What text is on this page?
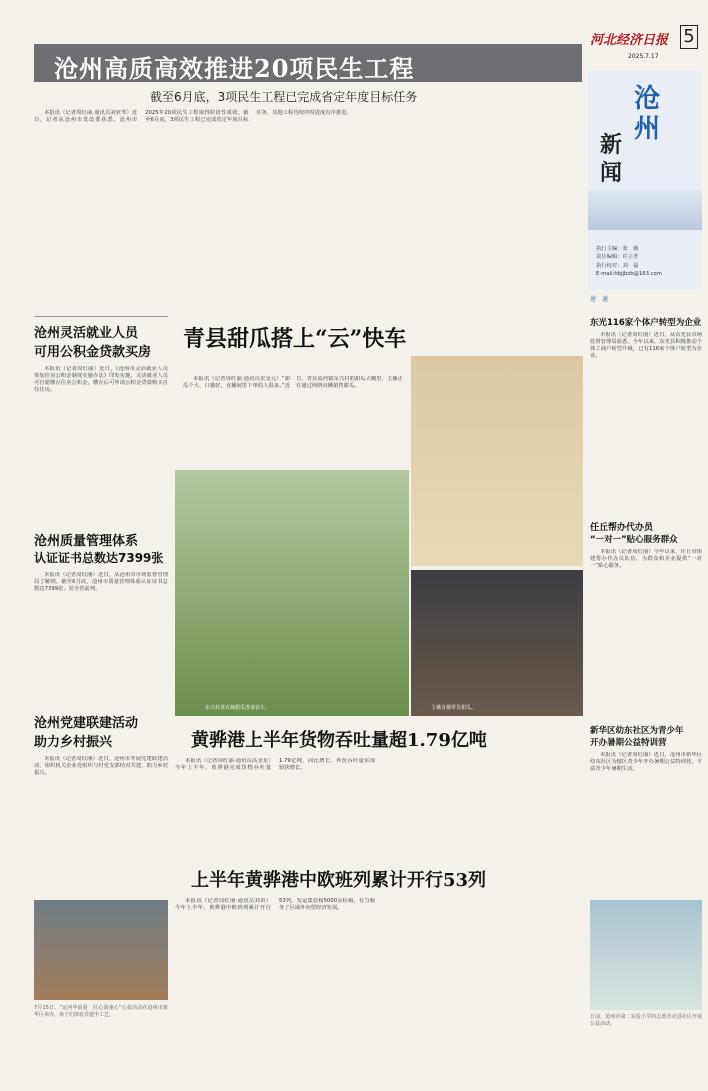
河北经济日报 5
2025.7.17
沧州高质高效推进20项民生工程
截至6月底，3项民生工程已完成省定年度目标任务

本报讯（记者周红丽·通讯员刘亚琴）近日，记者从沧州市发改委获悉，沧州市2025年20项民生工程取得阶段性成效。截至6月底，3项民生工程已完成省定年度目标任务，其他工程均按序时进度有序推进。	沧
州
新
闻
执行主编：张　薇
责任编辑：许立孝
执行校对：刘　磊
E-mail:hbjjbzb@163.com
沧州灵活就业人员
可用公积金贷款买房

本报讯（记者周红丽）近日，《沧州市灵活就业人员参加住房公积金制度实施办法》印发实施，灵活就业人员可自愿缴存住房公积金，缴存后可申请公积金贷款购买自住住房。

沧州质量管理体系
认证证书总数达7399张

本报讯（记者周红丽）近日，从沧州市市场监督管理局了解到，截至6月底，沧州市质量管理体系认证证书总数达7399张，居全省前列。

沧州党建联建活动
助力乡村振兴

本报讯（记者周红丽）近日，沧州市开展党建联建活动，组织机关企业党组织与村党支部结对共建，助力乡村振兴。

7月15日，“运河华浪夏　匠心润童心”公益活动在沧州市新华区举办，孩子们体验非遗手工艺。
青县甜瓜搭上“云”快车

本报讯（记者周红丽·通讯员张金元）“甜瓜个大、口感好，直播间里下单的人很多。”近日，青县流河镇东兴村的甜瓜大棚里，主播正在通过网络直播销售甜瓜。

东兴村菜农摘甜瓜准备装车。	主播直播带货甜瓜。
黄骅港上半年货物吞吐量超1.79亿吨

本报讯（记者周红丽·通讯员高金星）今年上半年，黄骅港完成货物吞吐量1.79亿吨，同比增长，外贸吞吐量实现较快增长。

上半年黄骅港中欧班列累计开行53列

本报讯（记者周红丽·通讯员刘苗）今年上半年，黄骅港中欧班列累计开行53列，发运集装箱5000余标箱，有力服务了区域外向型经济发展。

速　递
东光116家个体户转型为企业

本报讯（记者周红丽）近日，从东光县市场监督管理局获悉，今年以来，东光县积极推动个体工商户转型升级，已有116家个体户转型为企业。

任丘帮办代办员
“一对一”贴心服务群众

本报讯（记者周红丽）今年以来，任丘市组建帮办代办员队伍，为群众和企业提供“一对一”贴心服务。

新华区幼东社区为青少年
开办暑期公益特训营

本报讯（记者周红丽）近日，沧州市新华区幼东社区为辖区青少年开办暑期公益特训营，丰富青少年暑期生活。

日前，沧州市第二实验小学的志愿者走进社区开展公益活动。
